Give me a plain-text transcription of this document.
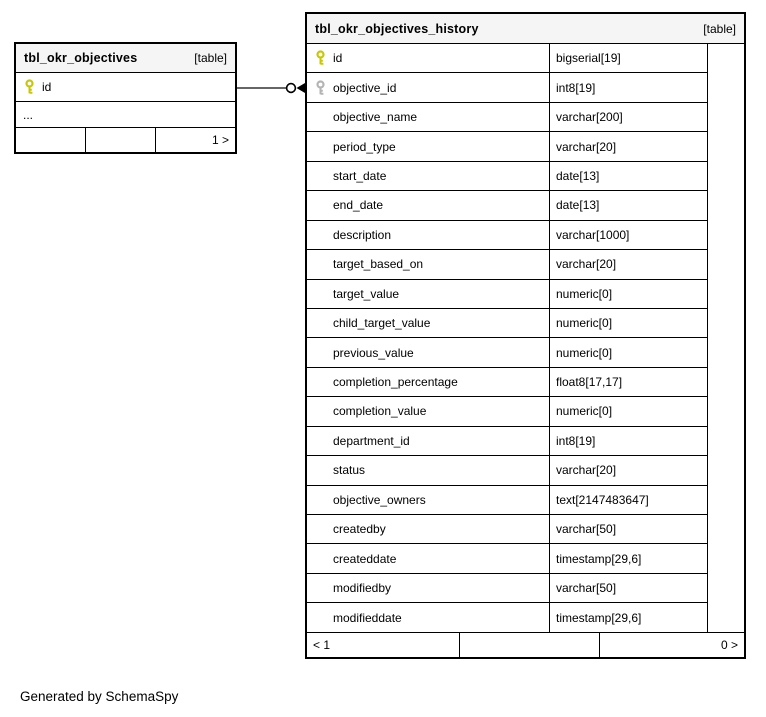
tbl_okr_objectives	[table]
id
...
1 >
tbl_okr_objectives_history	[table]
id	bigserial[19]
objective_id	int8[19]
objective_name	varchar[200]
period_type	varchar[20]
start_date	date[13]
end_date	date[13]
description	varchar[1000]
target_based_on	varchar[20]
target_value	numeric[0]
child_target_value	numeric[0]
previous_value	numeric[0]
completion_percentage	float8[17,17]
completion_value	numeric[0]
department_id	int8[19]
status	varchar[20]
objective_owners	text[2147483647]
createdby	varchar[50]
createddate	timestamp[29,6]
modifiedby	varchar[50]
modifieddate	timestamp[29,6]
< 1	0 >
Generated by SchemaSpy
